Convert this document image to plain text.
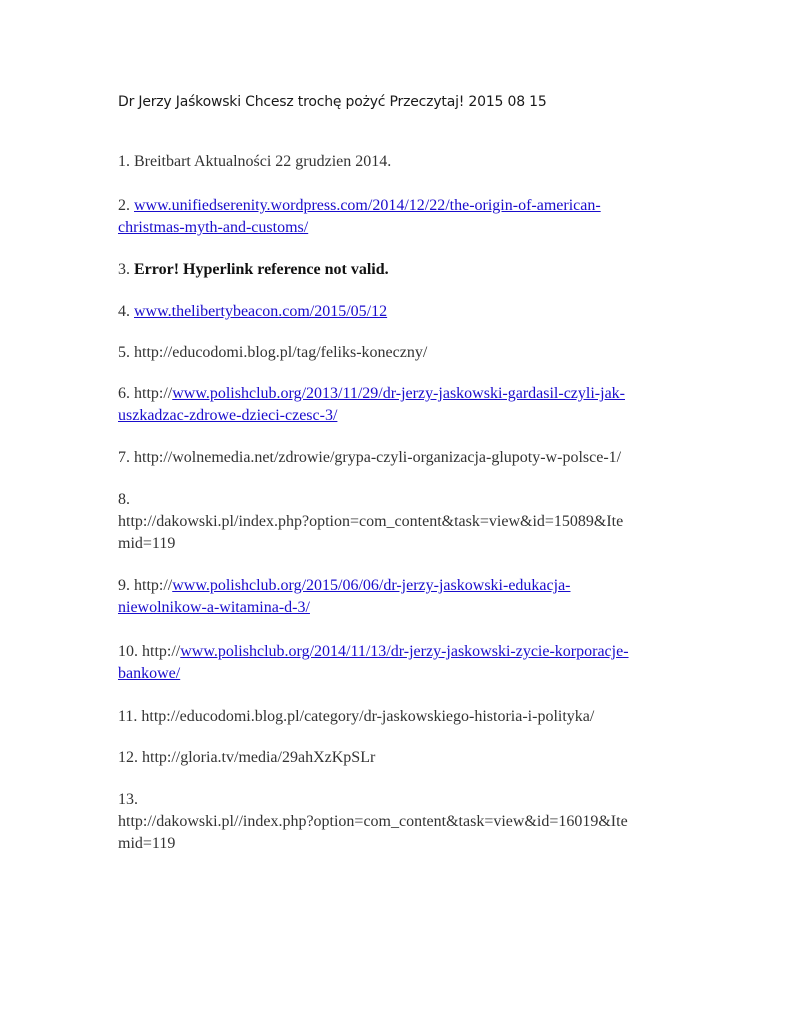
Dr Jerzy Jaśkowski Chcesz trochę pożyć Przeczytaj! 2015 08 15
1. Breitbart Aktualności 22 grudzien 2014.
2. www.unifiedserenity.wordpress.com/2014/12/22/the-origin-of-american-
christmas-myth-and-customs/
3. Error! Hyperlink reference not valid.
4. www.thelibertybeacon.com/2015/05/12
5. http://educodomi.blog.pl/tag/feliks-koneczny/
6. http://www.polishclub.org/2013/11/29/dr-jerzy-jaskowski-gardasil-czyli-jak-
uszkadzac-zdrowe-dzieci-czesc-3/
7. http://wolnemedia.net/zdrowie/grypa-czyli-organizacja-glupoty-w-polsce-1/
8.
http://dakowski.pl/index.php?option=com_content&task=view&id=15089&Ite
mid=119
9. http://www.polishclub.org/2015/06/06/dr-jerzy-jaskowski-edukacja-
niewolnikow-a-witamina-d-3/
10. http://www.polishclub.org/2014/11/13/dr-jerzy-jaskowski-zycie-korporacje-
bankowe/
11. http://educodomi.blog.pl/category/dr-jaskowskiego-historia-i-polityka/
12. http://gloria.tv/media/29ahXzKpSLr
13.
http://dakowski.pl//index.php?option=com_content&task=view&id=16019&Ite
mid=119
